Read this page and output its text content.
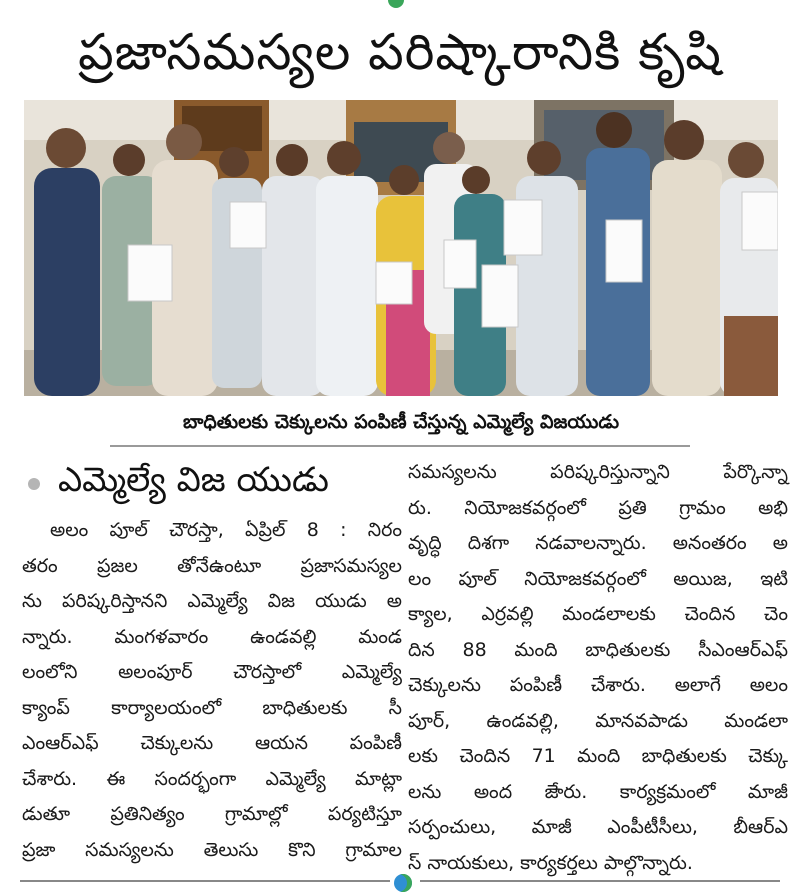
ప్రజాసమస్యల పరిష్కారానికి కృషి
బాధితులకు చెక్కులను పంపిణీ చేస్తున్న ఎమ్మెల్యే విజయుడు
ఎమ్మెల్యే విజ యుడు
అలం పూల్ చౌరస్తా, ఏప్రిల్ 8 : నిరం
తరం ప్రజల తోనేఉంటూ ప్రజాసమస్యల
ను పరిష్కరిస్తానని ఎమ్మెల్యే విజ యుడు అ
న్నారు. మంగళవారం ఉండవల్లి మండ
లంలోని అలంపూర్ చౌరస్తాలో ఎమ్మెల్యే
క్యాంప్ కార్యాలయంలో బాధితులకు సీ
ఎంఆర్ఎఫ్ చెక్కులను ఆయన పంపిణీ
చేశారు. ఈ సందర్భంగా ఎమ్మెల్యే మాట్లా
డుతూ ప్రతినిత్యం గ్రామాల్లో పర్యటిస్తూ
ప్రజా సమస్యలను తెలుసు కొని గ్రామాల
సమస్యలను పరిష్కరిస్తున్నాని పేర్కొన్నా
రు. నియోజకవర్గంలో ప్రతి గ్రామం అభి
వృద్ధి దిశగా నడవాలన్నారు. అనంతరం అ
లం పూల్ నియోజకవర్గంలో అయిజ, ఇటి
క్యాల, ఎర్రవల్లి మండలాలకు చెందిన చెం
దిన 88 మంది బాధితులకు సీఎంఆర్ఎఫ్
చెక్కులను పంపిణీ చేశారు. అలాగే అలం
పూర్, ఉండవల్లి, మానవపాడు మండలా
లకు చెందిన 71 మంది బాధితులకు చెక్కు
లను అంద జేారు. కార్యక్రమంలో మాజీ
సర్పంచులు, మాజీ ఎంపీటీసీలు, బీఆర్ఎ
స్ నాయకులు, కార్యకర్తలు పాల్గొన్నారు.
